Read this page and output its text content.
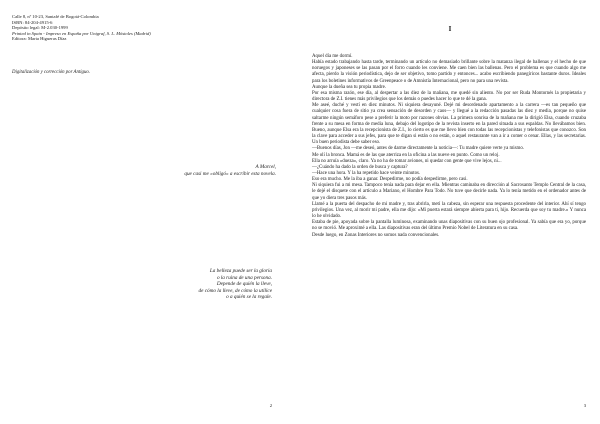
Calle 8, nº 10-23, Santafé de Bogotá-Colombia
ISBN: 84-204-4915-6
Depósito legal: M-2.030-1999
Printed in Spain - Impreso en España por Unigraf, S. L. Móstoles (Madrid)
Editora: Marta Higueras Díaz
Digitalización y corrección por Antiguo.
A Marcel,
que casi me «obligó» a escribir esta novela.
La belleza puede ser la gloria
o la ruina de una persona.
Depende de quién la lleve,
de cómo la lleve, de cómo la utilice
o a quién se la regale.
2
I

Aquel día me dormí.

Había estado trabajando hasta tarde, terminando un artículo no demasiado brillante sobre la matanza ilegal de ballenas y el hecho de que noruegos y japoneses se las pasan por el forro cuando les conviene. Me caen bien las ballenas. Pero el problema es que cuando algo me afecta, pierdo la visión periodística, dejo de ser objetivo, tomo partido y entonces... acabo escribiendo panegíricos bastante duros. Ideales para los boletines informativos de Greenpeace o de Amnistía Internacional, pero no para una revista.

Aunque la dueña sea tu propia madre.

Por esa misma razón, ese día, al despertar a las diez de la mañana, me quedé sin aliento. No por ser Ruda Montornés la propietaria y directora de Z.I. tienes más privilegios que los demás o puedes hacer lo que te dé la gana.

Me aseé, duché y vestí en diez minutos. Ni siquiera desayuné. Dejé mi desordenado apartamento a la carrera —es tan pequeño que cualquier cosa fuera de sitio ya crea sensación de desorden y caos— y llegué a la redacción pasadas las diez y media, porque no quise saltarme ningún semáforo pese a preferir la moto por razones obvias. La primera sonrisa de la mañana me la dirigió Elsa, cuando cruzaba frente a su mesa en forma de media luna, debajo del logotipo de la revista inserto en la pared situada a sus espaldas. No llevábamos bien. Bueno, aunque Elsa era la recepcionista de Z.I., lo cierto es que me llevo bien con todas las recepcionistas y telefonistas que conozco. Son la clave para acceder a sus jefes, para que te digan si están o no están, o aquel restaurante van a ir a comer o cenar. Ellas, y las secretarias. Un buen periodista debe saber eso.

—Buenos días, Jon —me deseó, antes de darme directamente la noticia—: Tu madre quiere verte ya mismo.

Me olí la bronca. Mamá es de las que aterriza en la oficina a las nueve en punto. Como un reloj.

Ella no arruía «dueza», claro. Ya no ha de tomar aviones, ni quedar con gente que vive lejos, ni...

—¿Cuándo ha dado la orden de busca y captura?

—Hace una hora. Y la ha repetido hace veinte minutos.

Eso era mucho. Me la iba a ganar. Despedirme, no podía despedirme, pero casi.

Ni siquiera fui a mi mesa. Tampoco tenía nada para dejar en ella. Mientras caminaba en dirección al Sacrosanto Templo Central de la casa, le dejé el disquete con el artículo a Mariano, el Hombre Para Todo. No tuve que decirle nada. Ya lo tenía metido en el ordenador antes de que yo diera tres pasos más.

Llamé a la puerta del despacho de mi madre y, tras abrirla, metí la cabeza, sin esperar una respuesta procedente del interior. Ahí sí tengo privilegios. Una vez, al morir mi padre, ella me dijo: «Mi puerta estará siempre abierta para ti, hijo. Recuerda que soy tu madre.» Y nunca lo he olvidado.

Estaba de pie, apoyada sobre la pantalla luminosa, examinando unas diapositivas con su buen ojo profesional. Ya sabía que era yo, porque no se movió. Me aproximé a ella. Las diapositivas eran del último Premio Nobel de Literatura en su casa.

Desde luego, en Zonas Interiores no somos nada convencionales.

3
